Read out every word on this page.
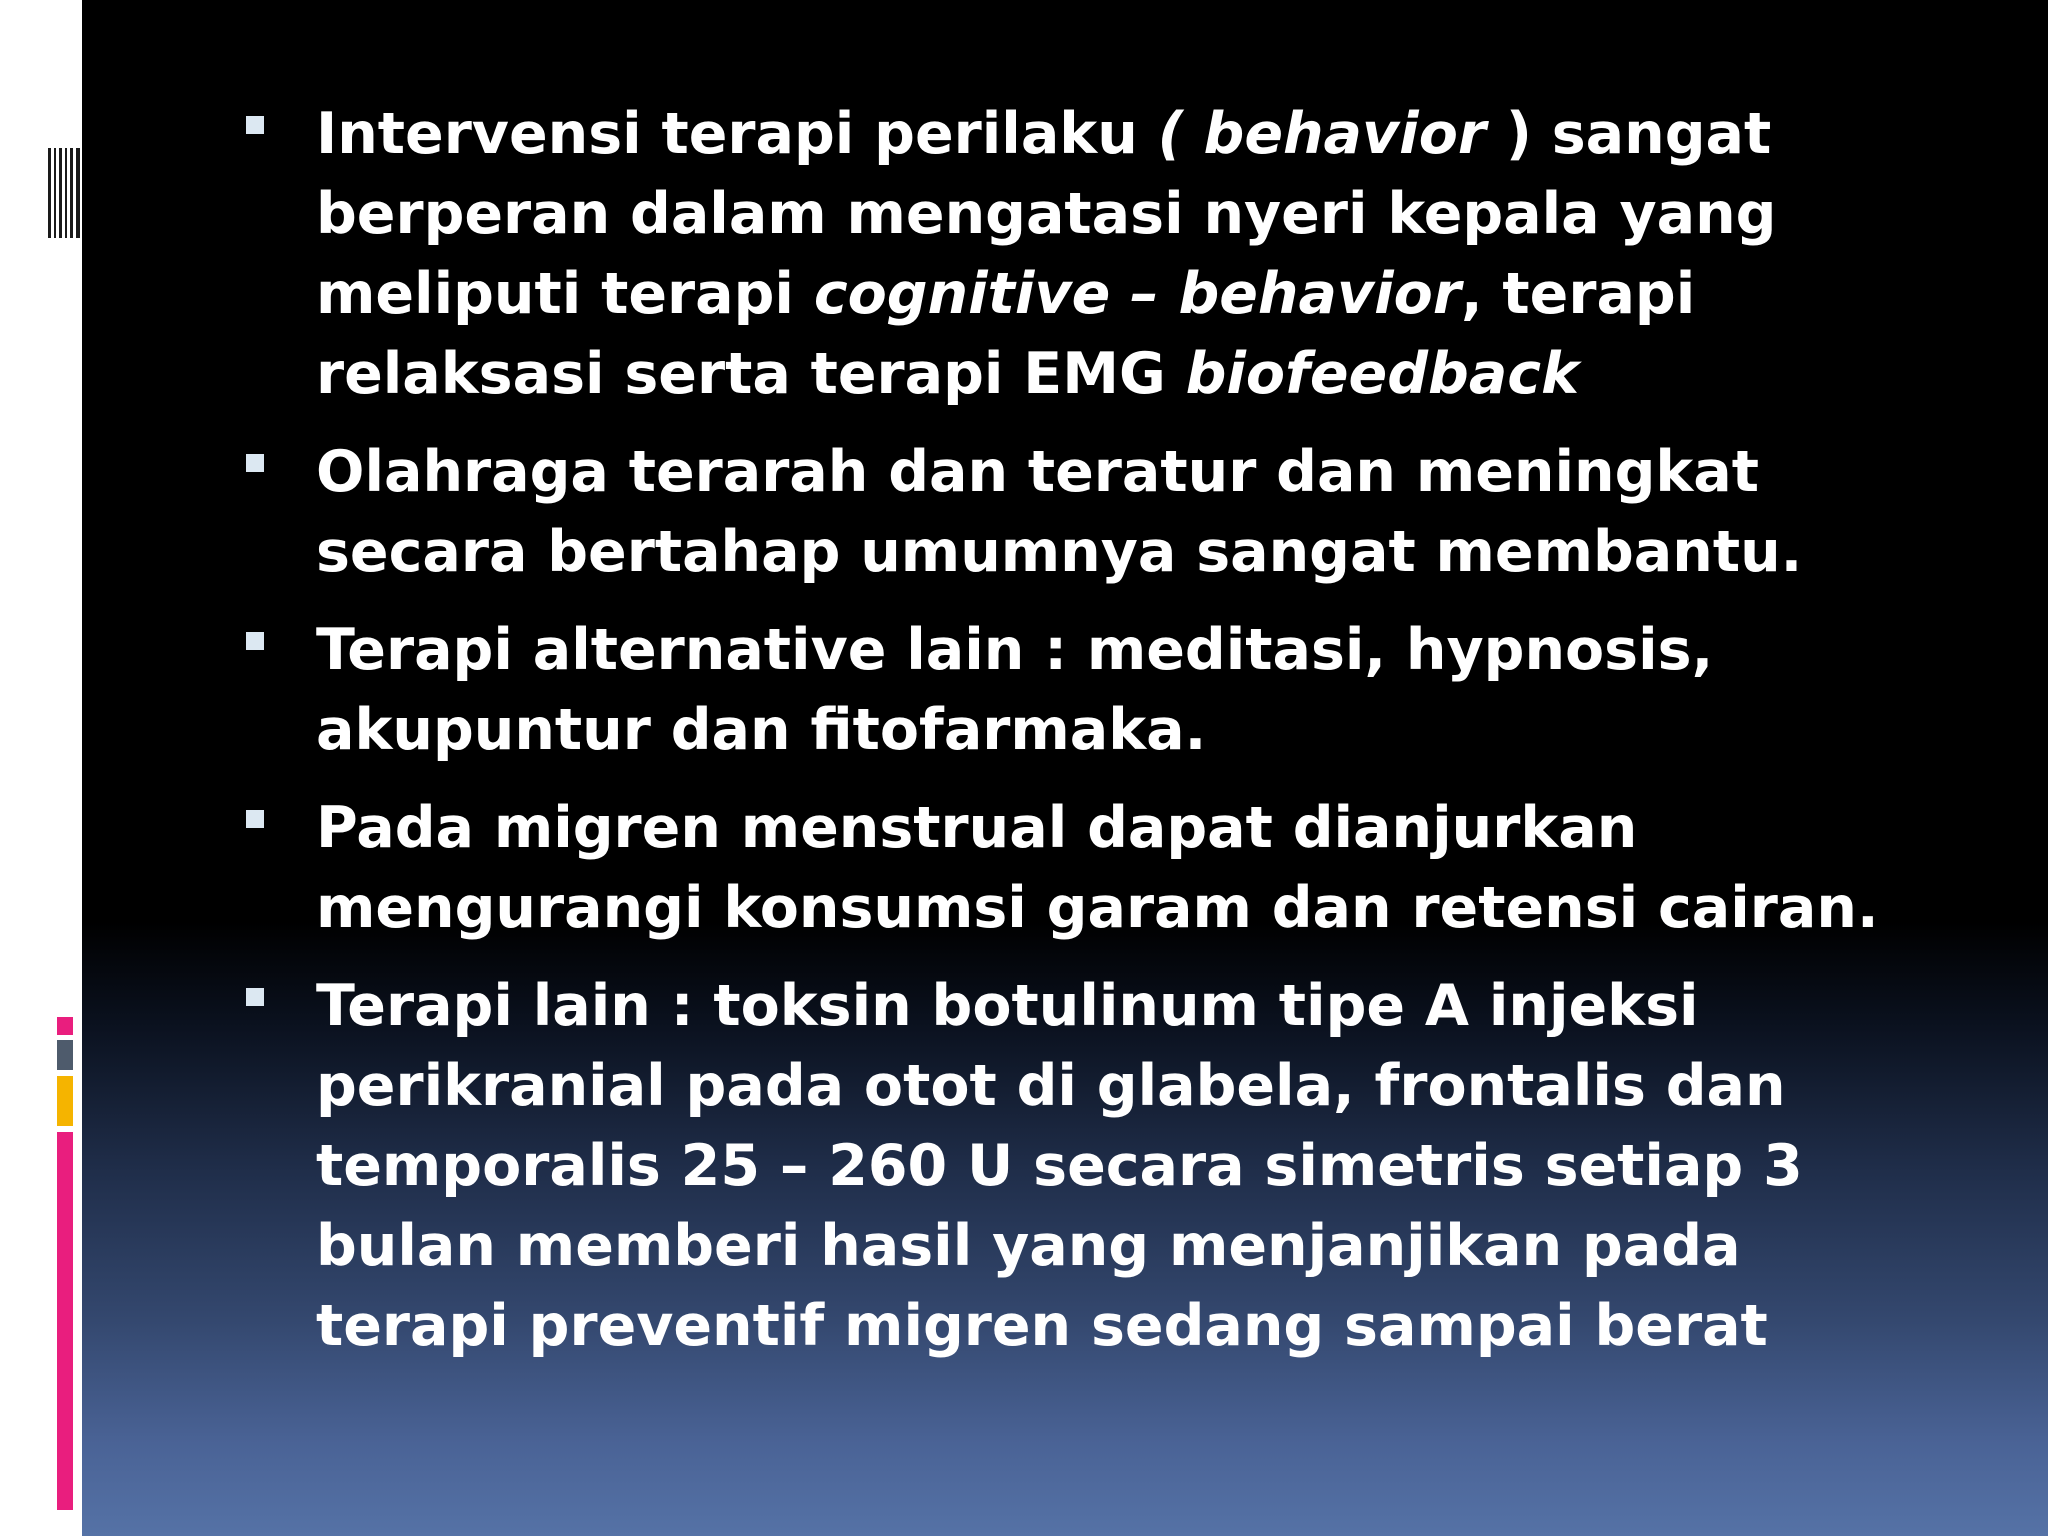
Intervensi terapi perilaku ( behavior ) sangat berperan dalam mengatasi nyeri kepala yang meliputi terapi cognitive – behavior, terapi relaksasi serta terapi EMG biofeedback
Olahraga terarah dan teratur dan meningkat secara bertahap umumnya sangat membantu.
Terapi alternative lain : meditasi, hypnosis, akupuntur dan fitofarmaka.
Pada migren menstrual dapat dianjurkan mengurangi konsumsi garam dan retensi cairan.
Terapi lain : toksin botulinum tipe A injeksi perikranial pada otot di glabela, frontalis dan temporalis 25 – 260 U secara simetris setiap 3 bulan memberi hasil yang menjanjikan pada terapi preventif migren sedang sampai berat
